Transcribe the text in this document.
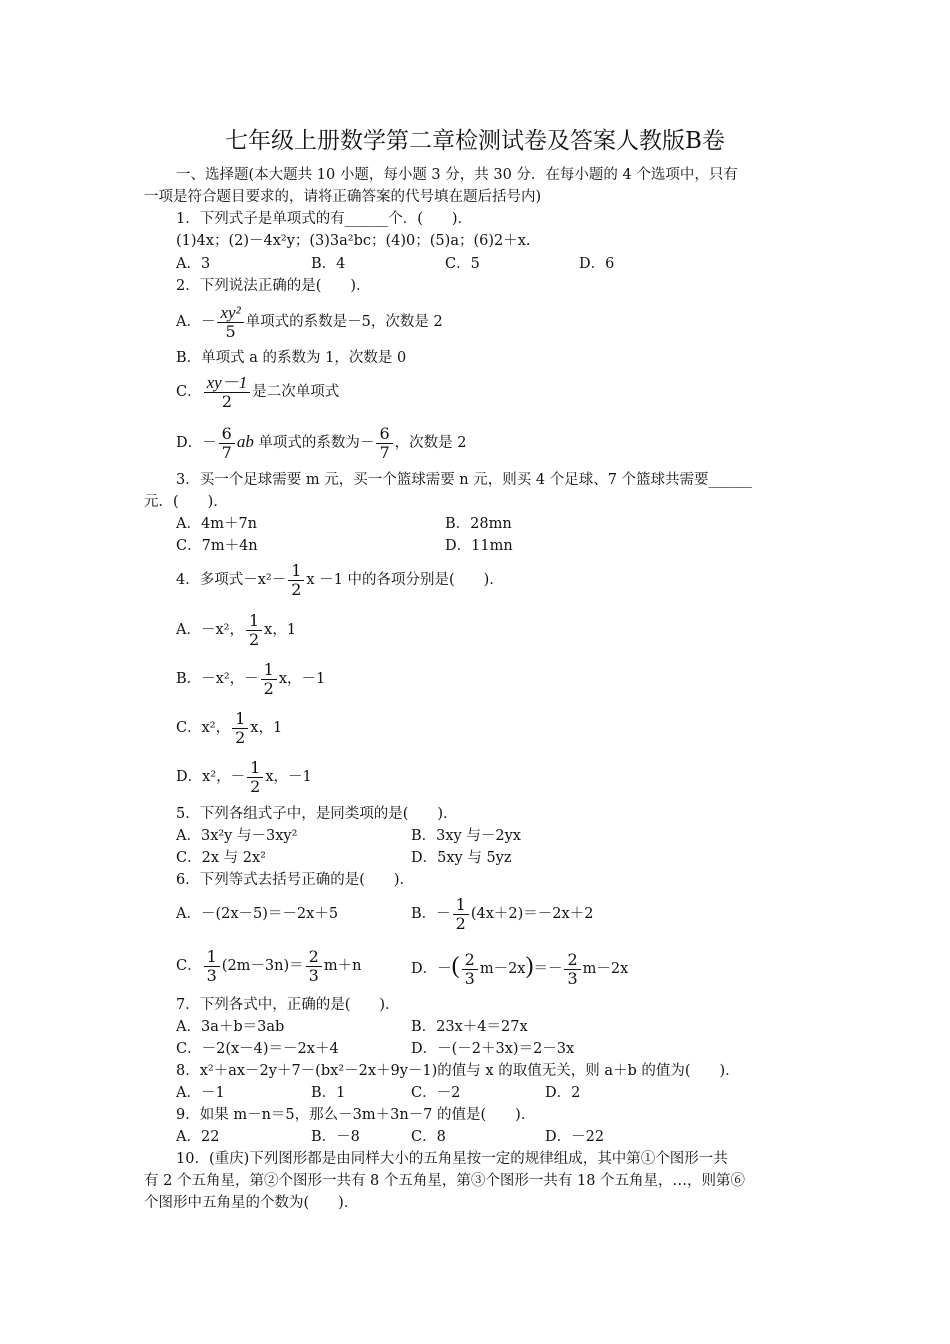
七年级上册数学第二章检测试卷及答案人教版B卷
一、选择题(本大题共 10 小题，每小题 3 分，共 30 分．在每小题的 4 个选项中，只有
一项是符合题目要求的，请将正确答案的代号填在题后括号内)
1．下列式子是单项式的有______个．(　　)．
(1)4x；(2)－4x²y；(3)3a²bc；(4)0；(5)a；(6)2＋x.
A．3	B．4	C．5	D．6
2．下列说法正确的是(　　)．
A．－ $\frac{\text{xy²}}{5}$ 单项式的系数是－5，次数是 2
B．单项式 a 的系数为 1，次数是 0
C． $\frac{xy-1}{2}$ 是二次单项式
D．－ $\frac{6}{7}$ ab 单项式的系数为－ $\frac{6}{7}$ ，次数是 2
3．买一个足球需要 m 元，买一个篮球需要 n 元，则买 4 个足球、7 个篮球共需要______
元．(　　)．
A．4m＋7n	B．28mn
C．7m＋4n	D．11mn
4．多项式$-x^2- \frac{1}{2}$ x －1 中的各项分别是(　　)．
A．－x²， $\frac{1}{2}$ x，1
B．－x²，－ $\frac{1}{2}$ x，－1
C．x²， $\frac{1}{2}$ x，1
D．x²，－ $\frac{1}{2}$ x，－1
5．下列各组式子中，是同类项的是(　　)．
A．3x²y 与－3xy²	B．3xy 与－2yx
C．2x 与 2x²	D．5xy 与 5yz
6．下列等式去括号正确的是(　　)．
A．－(2x－5)＝－2x＋5	B．－ $\frac{1}{2} (4x+2)=-2x+2$
C． $\frac{1}{3} (2m-3n)= \frac{2}{3} m+n$	D．－( $\frac{2}{3} m-2x)=- \frac{2}{3} m-2x$
7．下列各式中，正确的是(　　)．
A．3a＋b＝3ab	B．23x＋4＝27x
C．－2(x－4)＝－2x＋4	D．－(－2＋3x)＝2－3x
8．x²＋ax－2y＋7－(bx²－2x＋9y－1)的值与 x 的取值无关，则 a＋b 的值为(　　)．
A．－1	B．1	C．－2	D．2
9．如果 m－n＝5，那么－3m＋3n－7 的值是(　　)．
A．22	B．－8	C．8	D．－22
10．(重庆)下列图形都是由同样大小的五角星按一定的规律组成，其中第①个图形一共
有 2 个五角星，第②个图形一共有 8 个五角星，第③个图形一共有 18 个五角星，…，则第⑥
个图形中五角星的个数为(　　)．
